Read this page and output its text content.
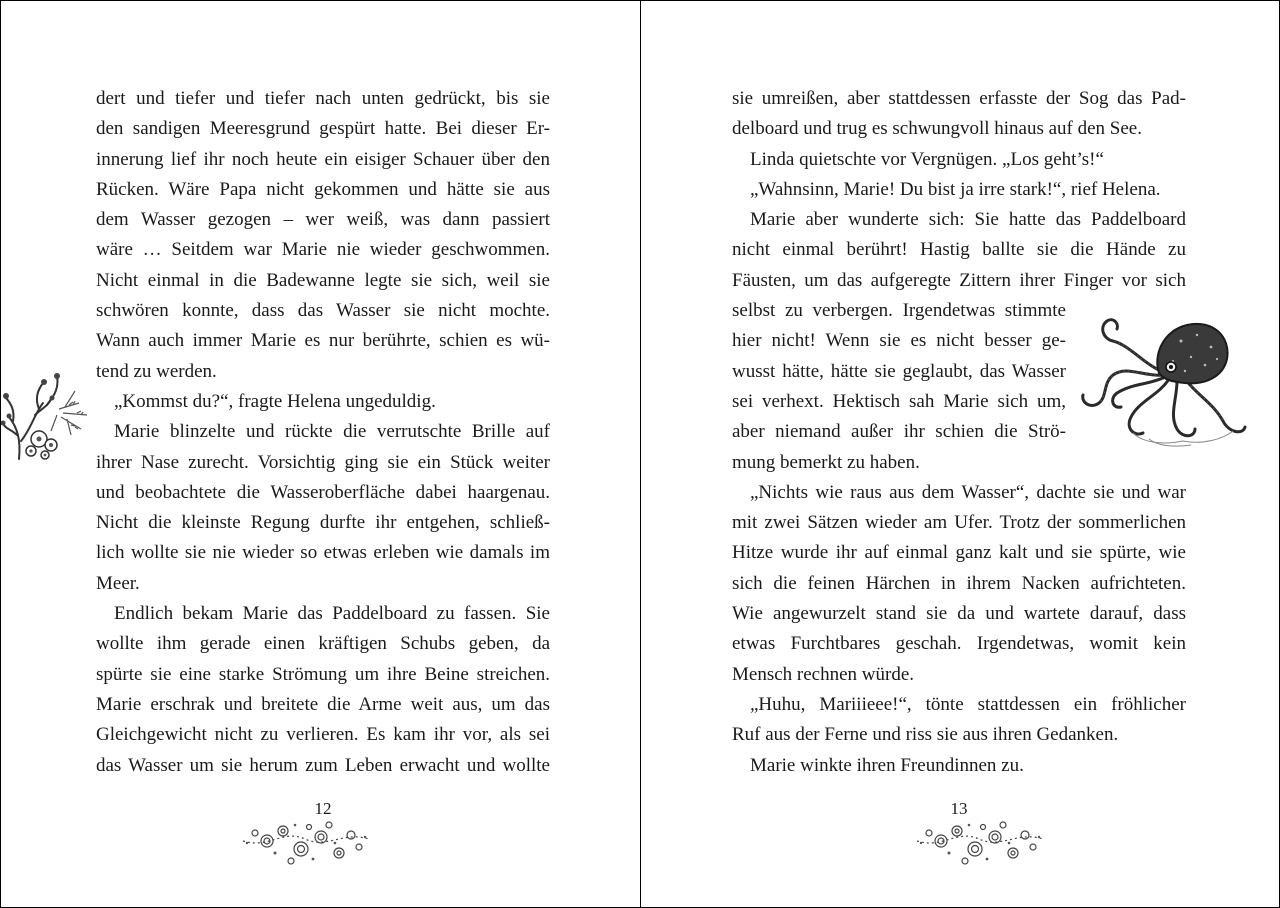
dert und tiefer und tiefer nach unten gedrückt, bis sie
den sandigen Meeresgrund gespürt hatte. Bei dieser Er-
innerung lief ihr noch heute ein eisiger Schauer über den
Rücken. Wäre Papa nicht gekommen und hätte sie aus
dem Wasser gezogen – wer weiß, was dann passiert
wäre … Seitdem war Marie nie wieder geschwommen.
Nicht einmal in die Badewanne legte sie sich, weil sie
schwören konnte, dass das Wasser sie nicht mochte.
Wann auch immer Marie es nur berührte, schien es wü-
tend zu werden.
„Kommst du?“, fragte Helena ungeduldig.
Marie blinzelte und rückte die verrutschte Brille auf
ihrer Nase zurecht. Vorsichtig ging sie ein Stück weiter
und beobachtete die Wasseroberfläche dabei haargenau.
Nicht die kleinste Regung durfte ihr entgehen, schließ-
lich wollte sie nie wieder so etwas erleben wie damals im
Meer.
Endlich bekam Marie das Paddelboard zu fassen. Sie
wollte ihm gerade einen kräftigen Schubs geben, da
spürte sie eine starke Strömung um ihre Beine streichen.
Marie erschrak und breitete die Arme weit aus, um das
Gleichgewicht nicht zu verlieren. Es kam ihr vor, als sei
das Wasser um sie herum zum Leben erwacht und wollte
12
sie umreißen, aber stattdessen erfasste der Sog das Pad-
delboard und trug es schwungvoll hinaus auf den See.
Linda quietschte vor Vergnügen. „Los geht’s!“
„Wahnsinn, Marie! Du bist ja irre stark!“, rief Helena.
Marie aber wunderte sich: Sie hatte das Paddelboard
nicht einmal berührt! Hastig ballte sie die Hände zu
Fäusten, um das aufgeregte Zittern ihrer Finger vor sich
selbst zu verbergen. Irgendetwas stimmte
hier nicht! Wenn sie es nicht besser ge-
wusst hätte, hätte sie geglaubt, das Wasser
sei verhext. Hektisch sah Marie sich um,
aber niemand außer ihr schien die Strö-
mung bemerkt zu haben.
„Nichts wie raus aus dem Wasser“, dachte sie und war
mit zwei Sätzen wieder am Ufer. Trotz der sommerlichen
Hitze wurde ihr auf einmal ganz kalt und sie spürte, wie
sich die feinen Härchen in ihrem Nacken aufrichteten.
Wie angewurzelt stand sie da und wartete darauf, dass
etwas Furchtbares geschah. Irgendetwas, womit kein
Mensch rechnen würde.
„Huhu, Mariiieee!“, tönte stattdessen ein fröhlicher
Ruf aus der Ferne und riss sie aus ihren Gedanken.
Marie winkte ihren Freundinnen zu.
13
